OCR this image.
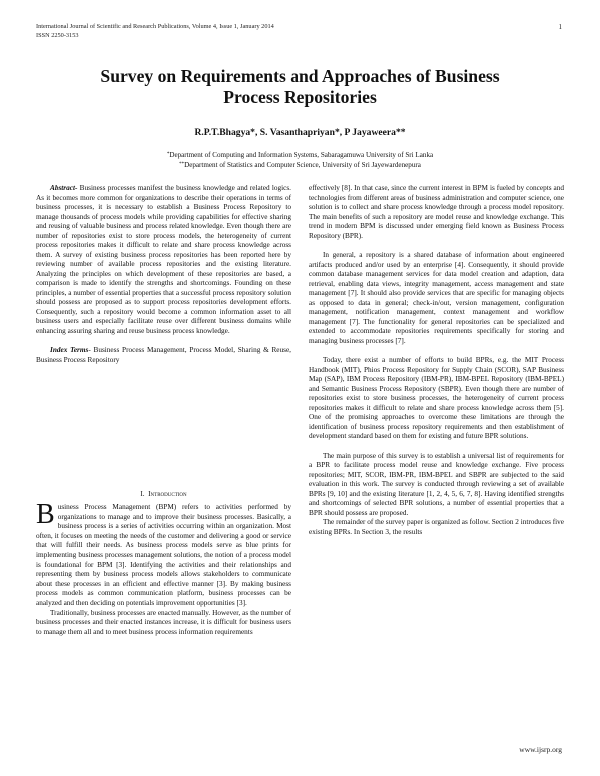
International Journal of Scientific and Research Publications, Volume 4, Issue 1, January 2014
ISSN 2250-3153
1
Survey on Requirements and Approaches of Business
Process Repositories
R.P.T.Bhagya*, S. Vasanthapriyan*, P Jayaweera**
*Department of Computing and Information Systems, Sabaragamuwa University of Sri Lanka
**Department of Statistics and Computer Science, University of Sri Jayewardenepura

Abstract- Business processes manifest the business knowledge and related logics. As it becomes more common for organizations to describe their operations in terms of business processes, it is necessary to establish a Business Process Repository to manage thousands of process models while providing capabilities for effective sharing and reusing of valuable business and process related knowledge. Even though there are number of repositories exist to store process models, the heterogeneity of current process repositories makes it difficult to relate and share process knowledge across them. A survey of existing business process repositories has been reported here by reviewing number of available process repositories and the existing literature. Analyzing the principles on which development of these repositories are based, a comparison is made to identify the strengths and shortcomings. Founding on these principles, a number of essential properties that a successful process repository solution should possess are proposed as to support process repositories development efforts. Consequently, such a repository would become a common information asset to all business users and especially facilitate reuse over different business domains while enhancing assuring sharing and reuse business process knowledge.

Index Terms- Business Process Management, Process Model, Sharing & Reuse, Business Process Repository

I. Introduction

Business Process Management (BPM) refers to activities performed by organizations to manage and to improve their business processes. Basically, a business process is a series of activities occurring within an organization. Most often, it focuses on meeting the needs of the customer and delivering a good or service that will fulfill their needs. As business process models serve as blue prints for implementing business processes management solutions, the notion of a process model is foundational for BPM [3]. Identifying the activities and their relationships and representing them by business process models allows stakeholders to communicate about these processes in an efficient and effective manner [3]. By making business process models as common communication platform, business processes can be analyzed and then deciding on potentials improvement opportunities [3].

Traditionally, business processes are enacted manually. However, as the number of business processes and their enacted instances increase, it is difficult for business users to manage them all and to meet business process information requirements

effectively [8]. In that case, since the current interest in BPM is fueled by concepts and technologies from different areas of business administration and computer science, one solution is to collect and share process knowledge through a process model repository. The main benefits of such a repository are model reuse and knowledge exchange. This trend in modern BPM is discussed under emerging field known as Business Process Repository (BPR).

In general, a repository is a shared database of information about engineered artifacts produced and/or used by an enterprise [4]. Consequently, it should provide common database management services for data model creation and adaption, data retrieval, enabling data views, integrity management, access management and state management [7]. It should also provide services that are specific for managing objects as opposed to data in general; check-in/out, version management, configuration management, notification management, context management and workflow management [7]. The functionality for general repositories can be specialized and extended to accommodate repositories requirements specifically for storing and managing business processes [7].

Today, there exist a number of efforts to build BPRs, e.g. the MIT Process Handbook (MIT), Phios Process Repository for Supply Chain (SCOR), SAP Business Map (SAP), IBM Process Repository (IBM-PR), IBM-BPEL Repository (IBM-BPEL) and Semantic Business Process Repository (SBPR). Even though there are number of repositories exist to store business processes, the heterogeneity of current process repositories makes it difficult to relate and share process knowledge across them [5]. One of the promising approaches to overcome these limitations are through the identification of business process repository requirements and then establishment of development standard based on them for existing and future BPR solutions.

The main purpose of this survey is to establish a universal list of requirements for a BPR to facilitate process model reuse and knowledge exchange. Five process repositories; MIT, SCOR, IBM-PR, IBM-BPEL and SBPR are subjected to the said evaluation in this work. The survey is conducted through reviewing a set of available BPRs [9, 10] and the existing literature [1, 2, 4, 5, 6, 7, 8]. Having identified strengths and shortcomings of selected BPR solutions, a number of essential properties that a BPR should possess are proposed.

The remainder of the survey paper is organized as follow. Section 2 introduces five existing BPRs. In Section 3, the results

www.ijsrp.org
